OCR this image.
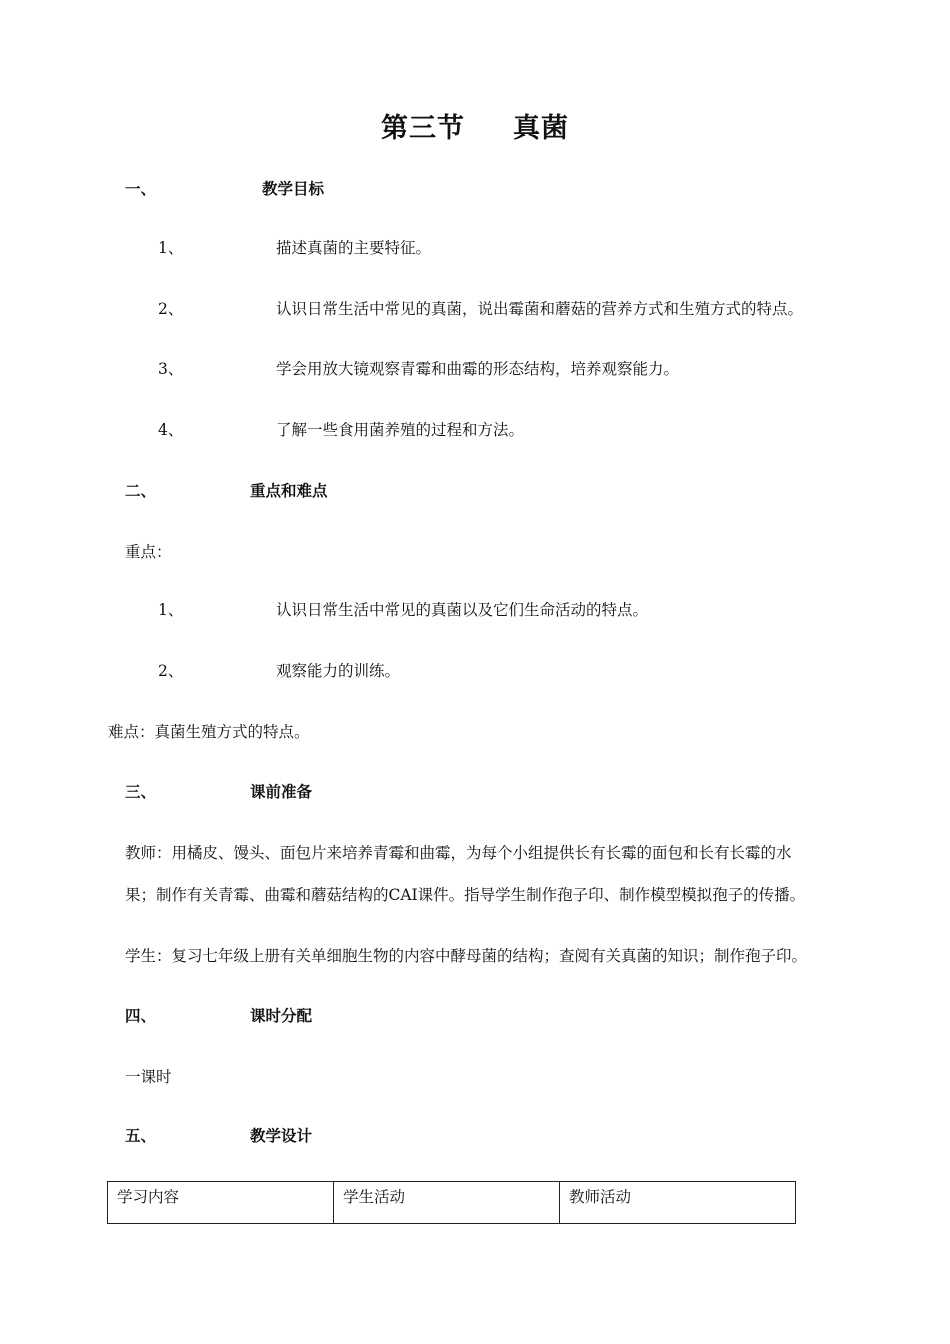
第三节 真菌
一、	教学目标
1、	描述真菌的主要特征。
2、	认识日常生活中常见的真菌，说出霉菌和蘑菇的营养方式和生殖方式的特点。
3、	学会用放大镜观察青霉和曲霉的形态结构，培养观察能力。
4、	了解一些食用菌养殖的过程和方法。
二、	重点和难点
重点：
1、	认识日常生活中常见的真菌以及它们生命活动的特点。
2、	观察能力的训练。
难点：真菌生殖方式的特点。
三、	课前准备
教师：用橘皮、馒头、面包片来培养青霉和曲霉，为每个小组提供长有长霉的面包和长有长霉的水
果；制作有关青霉、曲霉和蘑菇结构的CAI课件。指导学生制作孢子印、制作模型模拟孢子的传播。
学生：复习七年级上册有关单细胞生物的内容中酵母菌的结构；查阅有关真菌的知识；制作孢子印。
四、	课时分配
一课时
五、	教学设计
学习内容	学生活动	教师活动
